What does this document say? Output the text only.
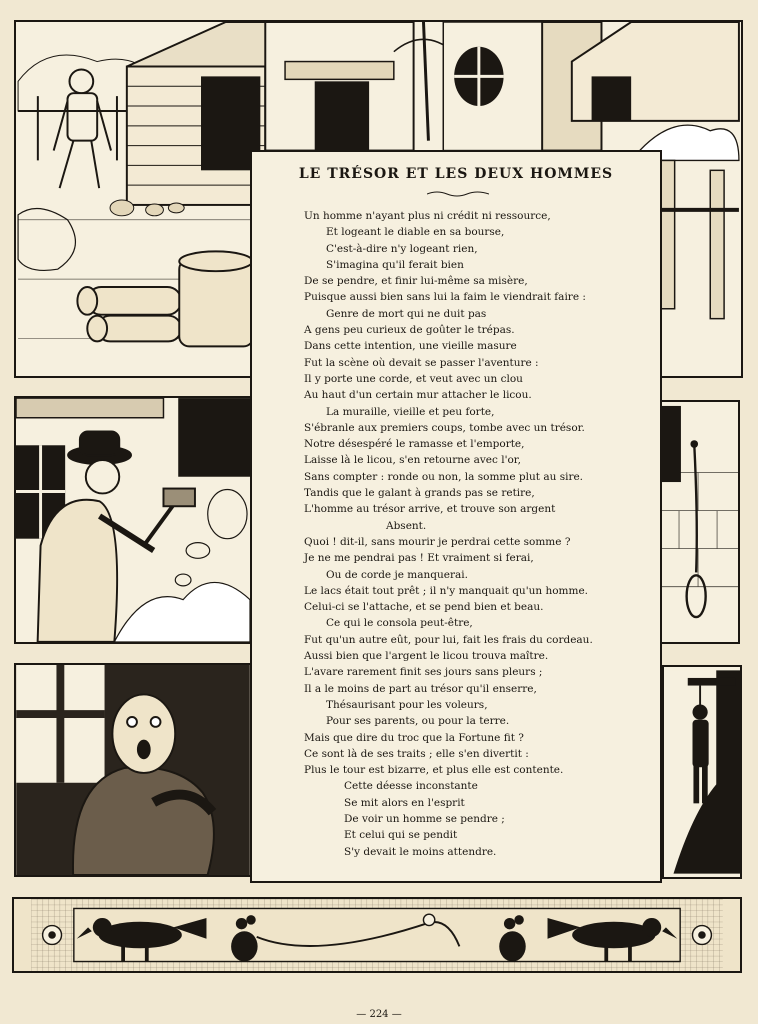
LE TRÉSOR ET LES DEUX HOMMES
Un homme n'ayant plus ni crédit ni ressource,
Et logeant le diable en sa bourse,
C'est-à-dire n'y logeant rien,
S'imagina qu'il ferait bien
De se pendre, et finir lui-même sa misère,
Puisque aussi bien sans lui la faim le viendrait faire :
Genre de mort qui ne duit pas
A gens peu curieux de goûter le trépas.
Dans cette intention, une vieille masure
Fut la scène où devait se passer l'aventure :
Il y porte une corde, et veut avec un clou
Au haut d'un certain mur attacher le licou.
La muraille, vieille et peu forte,
S'ébranle aux premiers coups, tombe avec un trésor.
Notre désespéré le ramasse et l'emporte,
Laisse là le licou, s'en retourne avec l'or,
Sans compter : ronde ou non, la somme plut au sire.
Tandis que le galant à grands pas se retire,
L'homme au trésor arrive, et trouve son argent
Absent.
Quoi ! dit-il, sans mourir je perdrai cette somme ?
Je ne me pendrai pas ! Et vraiment si ferai,
Ou de corde je manquerai.
Le lacs était tout prêt ; il n'y manquait qu'un homme.
Celui-ci se l'attache, et se pend bien et beau.
Ce qui le consola peut-être,
Fut qu'un autre eût, pour lui, fait les frais du cordeau.
Aussi bien que l'argent le licou trouva maître.
L'avare rarement finit ses jours sans pleurs ;
Il a le moins de part au trésor qu'il enserre,
Thésaurisant pour les voleurs,
Pour ses parents, ou pour la terre.
Mais que dire du troc que la Fortune fit ?
Ce sont là de ses traits ; elle s'en divertit :
Plus le tour est bizarre, et plus elle est contente.
Cette déesse inconstante
Se mit alors en l'esprit
De voir un homme se pendre ;
Et celui qui se pendit
S'y devait le moins attendre.
— 224 —
